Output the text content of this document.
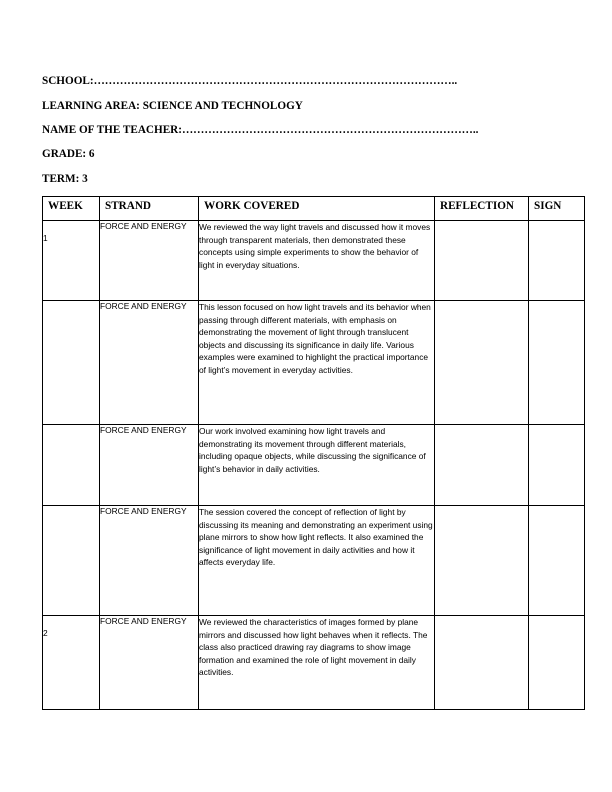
SCHOOL:……………………………………………………………………………………..
LEARNING AREA: SCIENCE AND TECHNOLOGY
NAME OF THE TEACHER:……………………………………………………………………..
GRADE: 6
TERM: 3
WEEK	STRAND	WORK COVERED	REFLECTION	SIGN

1	FORCE AND ENERGY	We reviewed the way light travels and discussed how it moves through transparent materials, then demonstrated these concepts using simple experiments to show the behavior of light in everyday situations.		

	FORCE AND ENERGY	This lesson focused on how light travels and its behavior when passing through different materials, with emphasis on demonstrating the movement of light through translucent objects and discussing its significance in daily life. Various examples were examined to highlight the practical importance of light’s movement in everyday activities.		

	FORCE AND ENERGY	Our work involved examining how light travels and demonstrating its movement through different materials, including opaque objects, while discussing the significance of light’s behavior in daily activities.		

	FORCE AND ENERGY	The session covered the concept of reflection of light by discussing its meaning and demonstrating an experiment using plane mirrors to show how light reflects. It also examined the significance of light movement in daily activities and how it affects everyday life.		

2	FORCE AND ENERGY	We reviewed the characteristics of images formed by plane mirrors and discussed how light behaves when it reflects. The class also practiced drawing ray diagrams to show image formation and examined the role of light movement in daily activities.		
